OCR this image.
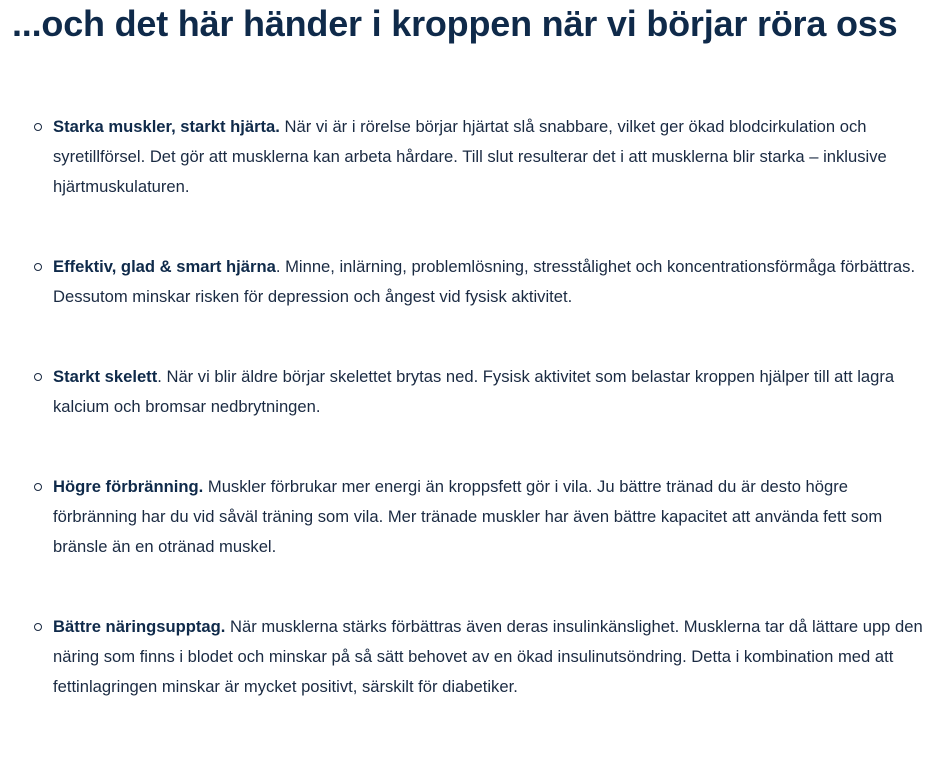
...och det här händer i kroppen när vi börjar röra oss
Starka muskler, starkt hjärta. När vi är i rörelse börjar hjärtat slå snabbare, vilket ger ökad blodcirkulation och syretillförsel. Det gör att musklerna kan arbeta hårdare. Till slut resulterar det i att musklerna blir starka – inklusive hjärtmuskulaturen.
Effektiv, glad & smart hjärna. Minne, inlärning, problemlösning, stresstålighet och koncentrationsförmåga förbättras. Dessutom minskar risken för depression och ångest vid fysisk aktivitet.
Starkt skelett. När vi blir äldre börjar skelettet brytas ned. Fysisk aktivitet som belastar kroppen hjälper till att lagra kalcium och bromsar nedbrytningen.
Högre förbränning. Muskler förbrukar mer energi än kroppsfett gör i vila. Ju bättre tränad du är desto högre förbränning har du vid såväl träning som vila. Mer tränade muskler har även bättre kapacitet att använda fett som bränsle än en otränad muskel.
Bättre näringsupptag. När musklerna stärks förbättras även deras insulinkänslighet. Musklerna tar då lättare upp den näring som finns i blodet och minskar på så sätt behovet av en ökad insulinutsöndring. Detta i kombination med att fettinlagringen minskar är mycket positivt, särskilt för diabetiker.
